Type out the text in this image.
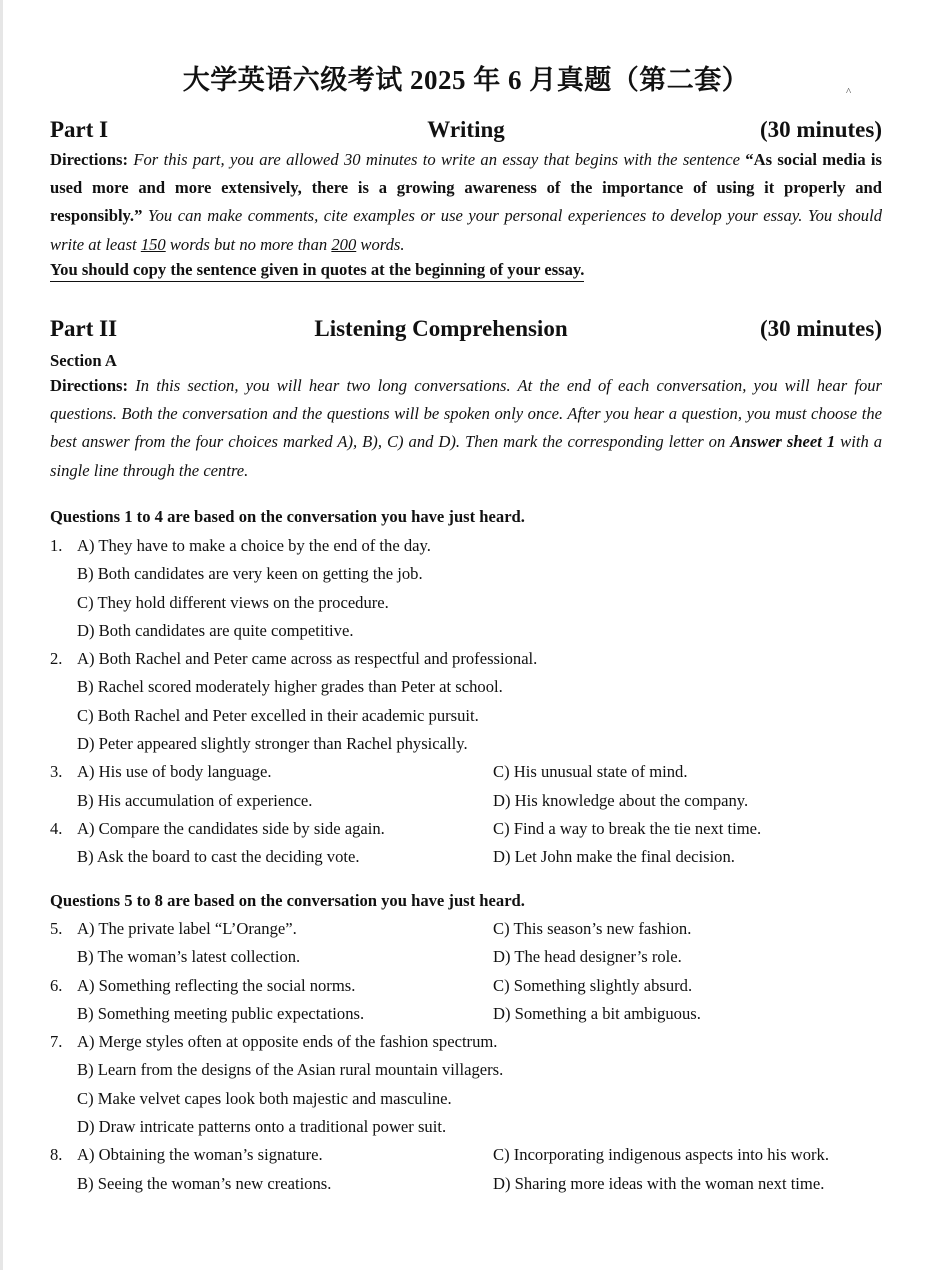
^
大学英语六级考试 2025 年 6 月真题（第二套）
Part I	Writing	(30 minutes)
Directions: For this part, you are allowed 30 minutes to write an essay that begins with the sentence “As social media is used more and more extensively, there is a growing awareness of the importance of using it properly and responsibly.” You can make comments, cite examples or use your personal experiences to develop your essay. You should write at least 150 words but no more than 200 words.
You should copy the sentence given in quotes at the beginning of your essay.
Part II	Listening Comprehension	(30 minutes)
Section A
Directions: In this section, you will hear two long conversations. At the end of each conversation, you will hear four questions. Both the conversation and the questions will be spoken only once. After you hear a question, you must choose the best answer from the four choices marked A), B), C) and D). Then mark the corresponding letter on Answer sheet 1 with a single line through the centre.
Questions 1 to 4 are based on the conversation you have just heard.
1. A) They have to make a choice by the end of the day.
B) Both candidates are very keen on getting the job.
C) They hold different views on the procedure.
D) Both candidates are quite competitive.
2. A) Both Rachel and Peter came across as respectful and professional.
B) Rachel scored moderately higher grades than Peter at school.
C) Both Rachel and Peter excelled in their academic pursuit.
D) Peter appeared slightly stronger than Rachel physically.
3. A) His use of body language.	C) His unusual state of mind.
B) His accumulation of experience.	D) His knowledge about the company.
4. A) Compare the candidates side by side again.	C) Find a way to break the tie next time.
B) Ask the board to cast the deciding vote.	D) Let John make the final decision.
Questions 5 to 8 are based on the conversation you have just heard.
5. A) The private label “L’Orange”.	C) This season’s new fashion.
B) The woman’s latest collection.	D) The head designer’s role.
6. A) Something reflecting the social norms.	C) Something slightly absurd.
B) Something meeting public expectations.	D) Something a bit ambiguous.
7. A) Merge styles often at opposite ends of the fashion spectrum.
B) Learn from the designs of the Asian rural mountain villagers.
C) Make velvet capes look both majestic and masculine.
D) Draw intricate patterns onto a traditional power suit.
8. A) Obtaining the woman’s signature.	C) Incorporating indigenous aspects into his work.
B) Seeing the woman’s new creations.	D) Sharing more ideas with the woman next time.
